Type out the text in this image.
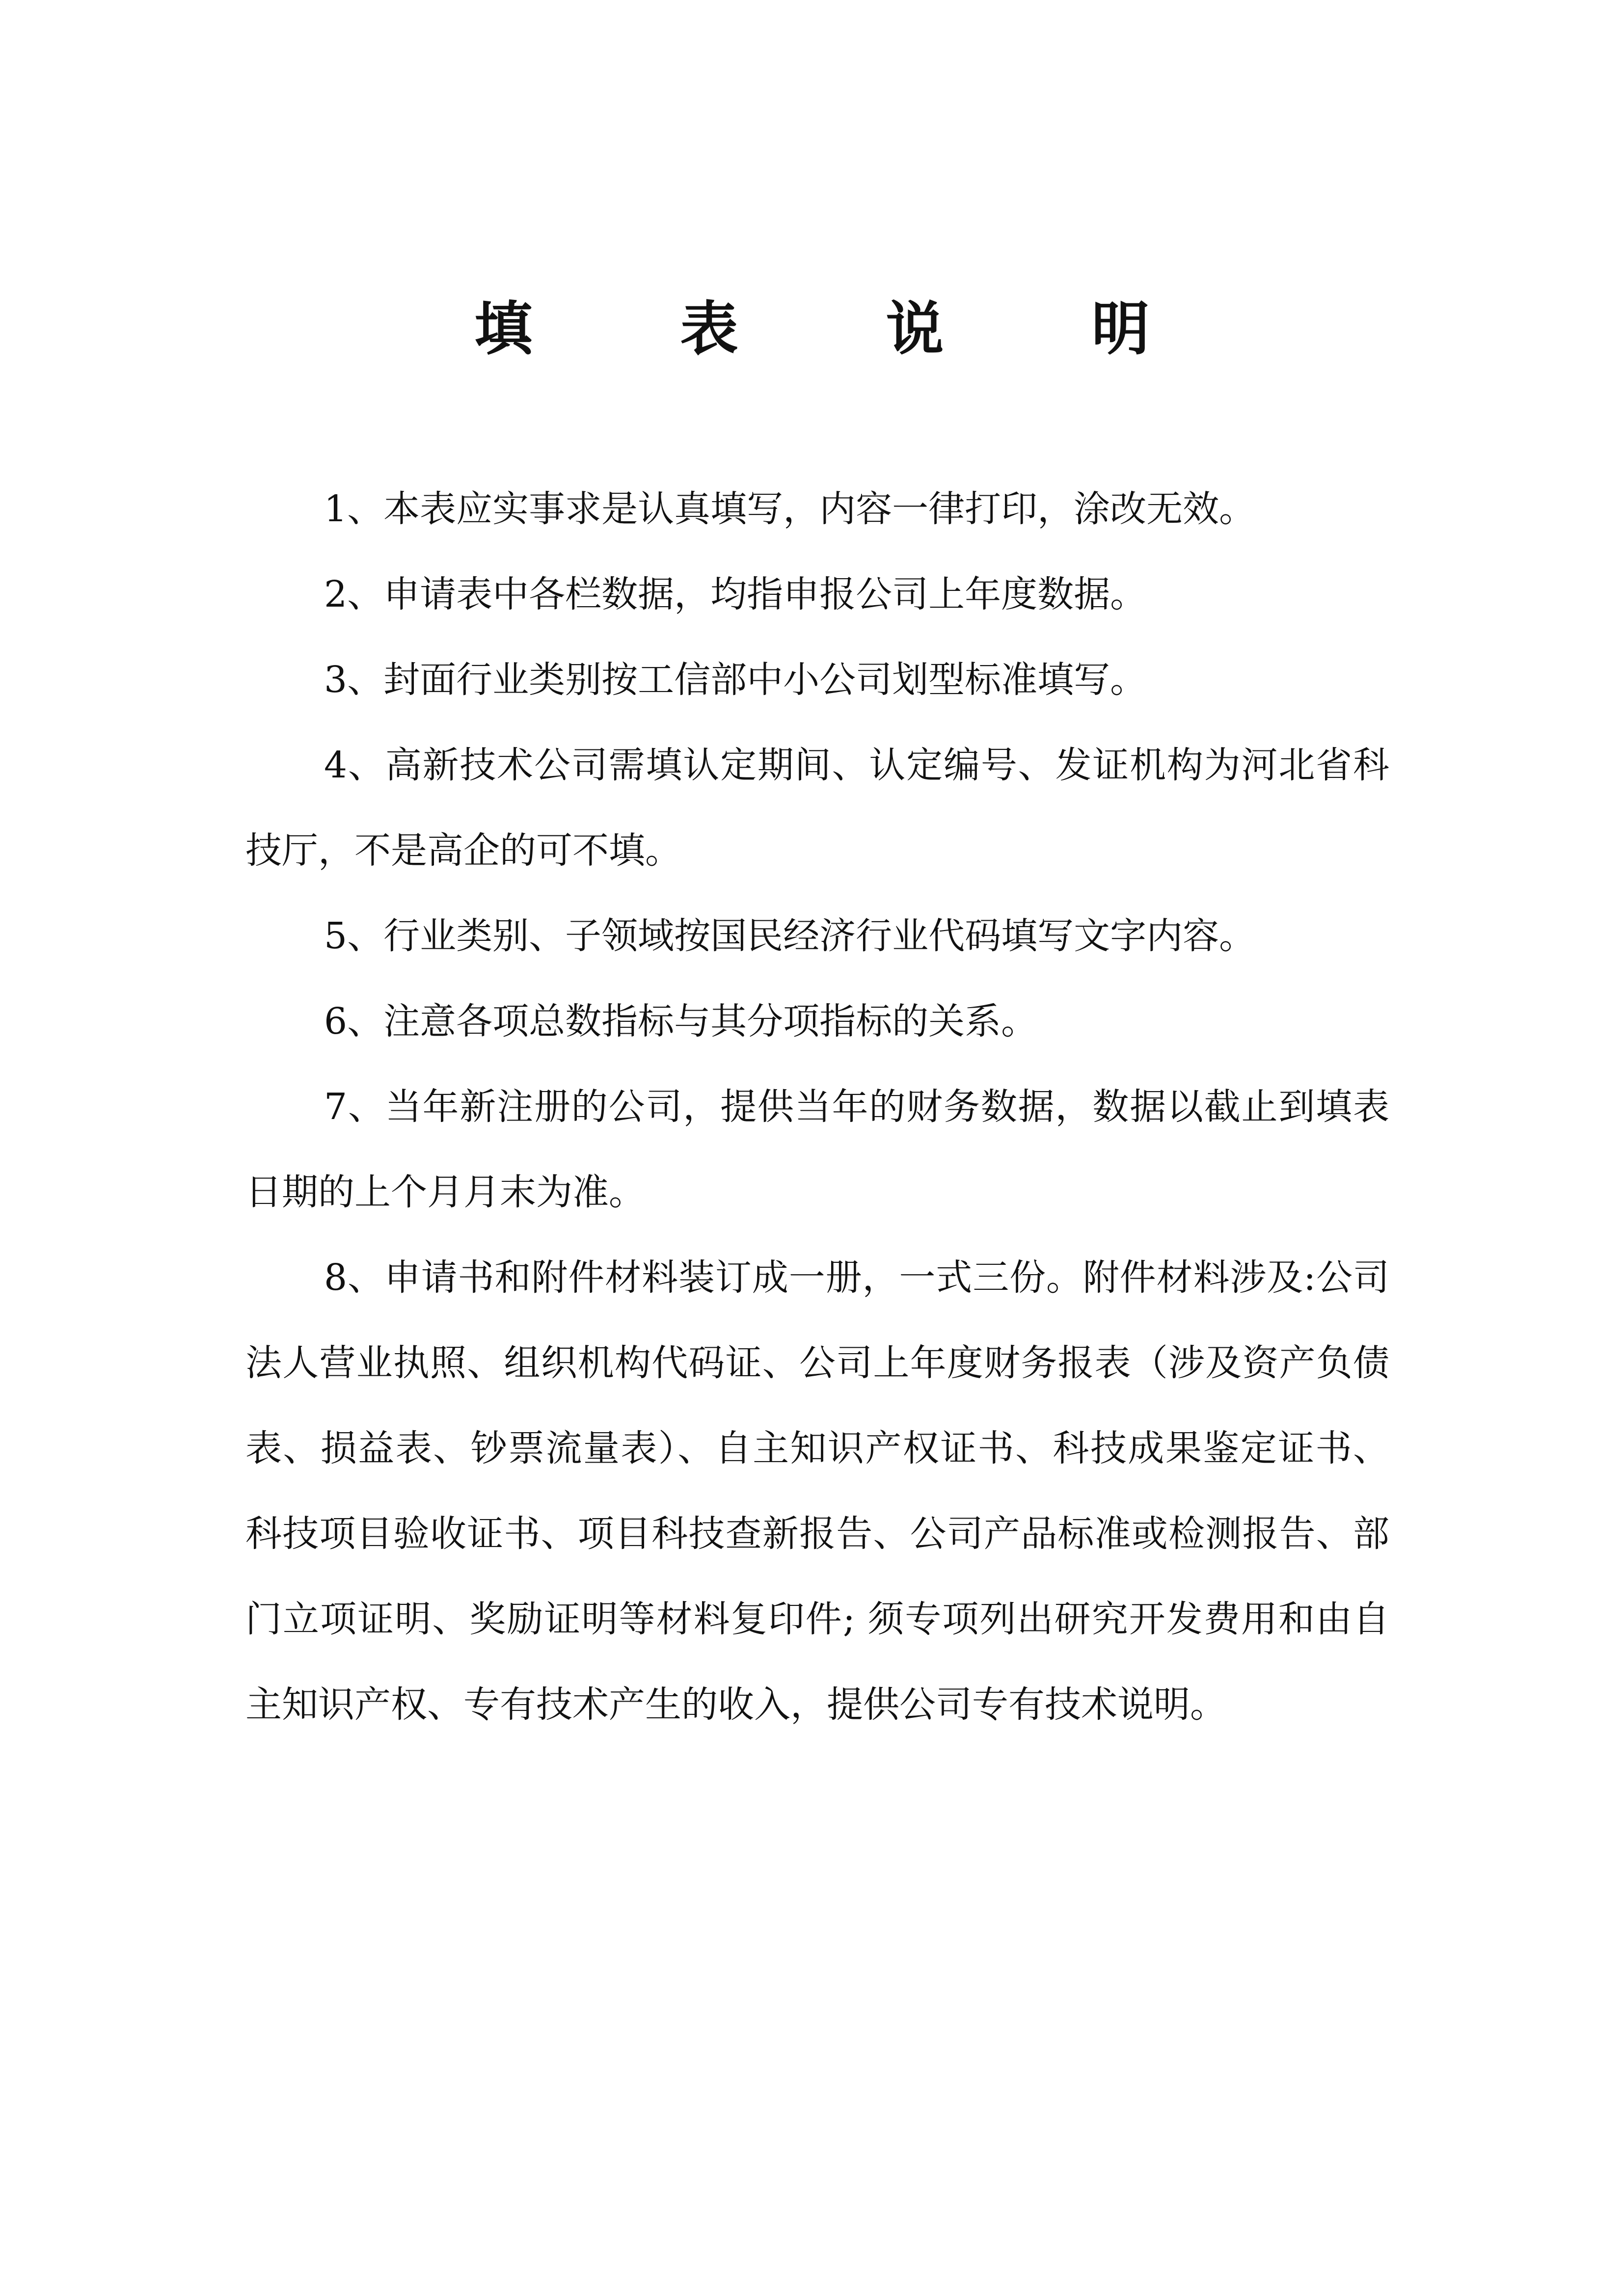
填 表 说 明

1、本表应实事求是认真填写，内容一律打印，涂改无效。

2、申请表中各栏数据，均指申报公司上年度数据。

3、封面行业类别按工信部中小公司划型标准填写。

4、高新技术公司需填认定期间、认定编号、发证机构为河北省科技厅，不是高企的可不填。

5、行业类别、子领域按国民经济行业代码填写文字内容。

6、注意各项总数指标与其分项指标的关系。

7、当年新注册的公司，提供当年的财务数据，数据以截止到填表日期的上个月月末为准。

8、申请书和附件材料装订成一册，一式三份。附件材料涉及:公司法人营业执照、组织机构代码证、公司上年度财务报表（涉及资产负债表、损益表、钞票流量表）、自主知识产权证书、科技成果鉴定证书、科技项目验收证书、项目科技查新报告、公司产品标准或检测报告、部门立项证明、奖励证明等材料复印件; 须专项列出研究开发费用和由自主知识产权、专有技术产生的收入，提供公司专有技术说明。
